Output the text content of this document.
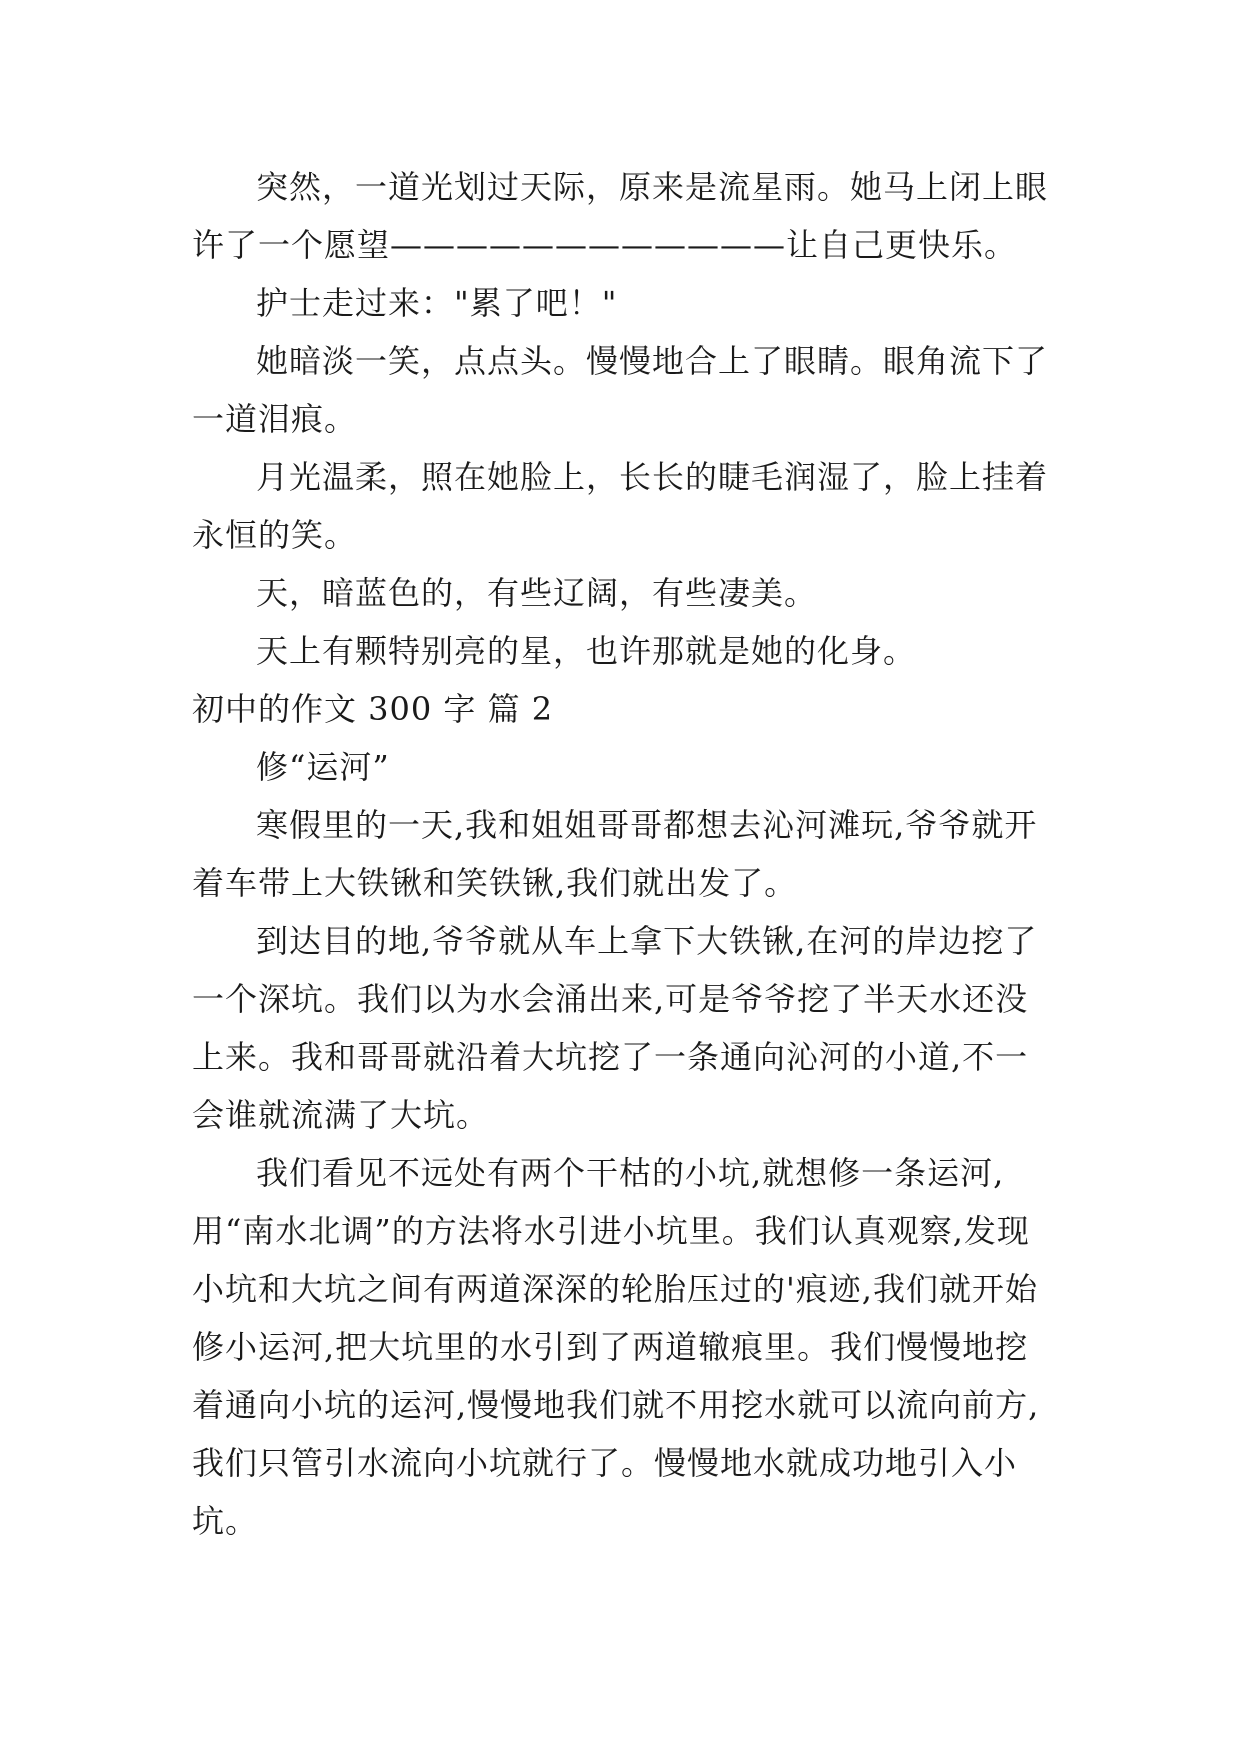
突然，一道光划过天际，原来是流星雨。她马上闭上眼许了一个愿望————————————让自己更快乐。

护士走过来："累了吧！"

她暗淡一笑，点点头。慢慢地合上了眼睛。眼角流下了一道泪痕。

月光温柔，照在她脸上，长长的睫毛润湿了，脸上挂着永恒的笑。

天，暗蓝色的，有些辽阔，有些凄美。

天上有颗特别亮的星，也许那就是她的化身。

初中的作文 300 字 篇 2

修“运河”

寒假里的一天,我和姐姐哥哥都想去沁河滩玩,爷爷就开着车带上大铁锹和笑铁锹,我们就出发了。

到达目的地,爷爷就从车上拿下大铁锹,在河的岸边挖了一个深坑。我们以为水会涌出来,可是爷爷挖了半天水还没上来。我和哥哥就沿着大坑挖了一条通向沁河的小道,不一会谁就流满了大坑。

我们看见不远处有两个干枯的小坑,就想修一条运河,用“南水北调”的方法将水引进小坑里。我们认真观察,发现小坑和大坑之间有两道深深的轮胎压过的'痕迹,我们就开始修小运河,把大坑里的水引到了两道辙痕里。我们慢慢地挖着通向小坑的运河,慢慢地我们就不用挖水就可以流向前方,我们只管引水流向小坑就行了。慢慢地水就成功地引入小坑。
